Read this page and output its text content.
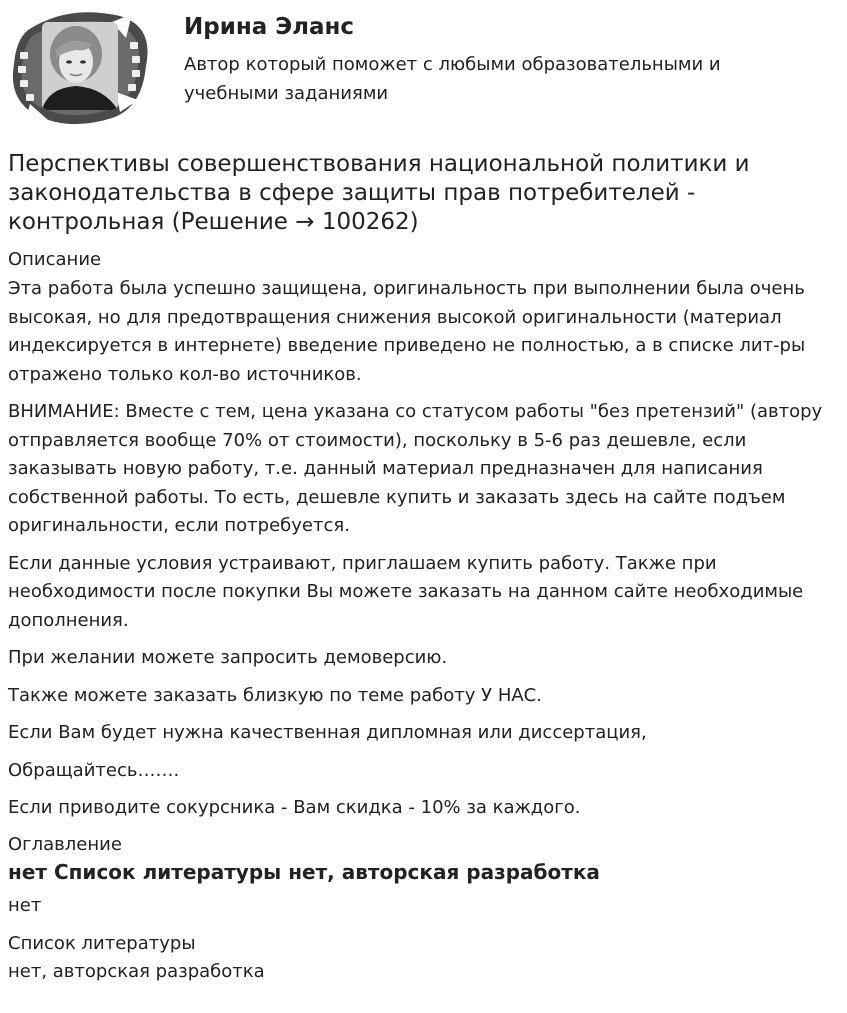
Ирина Эланс

Автор который поможет с любыми образовательными и учебными заданиями

Перспективы совершенствования национальной политики и законодательства в сфере защиты прав потребителей - контрольная (Решение → 100262)

Описание

Эта работа была успешно защищена, оригинальность при выполнении была очень высокая, но для предотвращения снижения высокой оригинальности (материал индексируется в интернете) введение приведено не полностью, а в списке лит-ры отражено только кол-во источников.

ВНИМАНИЕ: Вместе с тем, цена указана со статусом работы "без претензий" (автору отправляется вообще 70% от стоимости), поскольку в 5-6 раз дешевле, если заказывать новую работу, т.е. данный материал предназначен для написания собственной работы. То есть, дешевле купить и заказать здесь на сайте подъем оригинальности, если потребуется.

Если данные условия устраивают, приглашаем купить работу. Также при необходимости после покупки Вы можете заказать на данном сайте необходимые дополнения.

При желании можете запросить демоверсию.

Также можете заказать близкую по теме работу У НАС.

Если Вам будет нужна качественная дипломная или диссертация,

Обращайтесь…….

Если приводите сокурсника - Вам скидка - 10% за каждого.

Оглавление

нет Список литературы нет, авторская разработка

нет

Список литературы

нет, авторская разработка
